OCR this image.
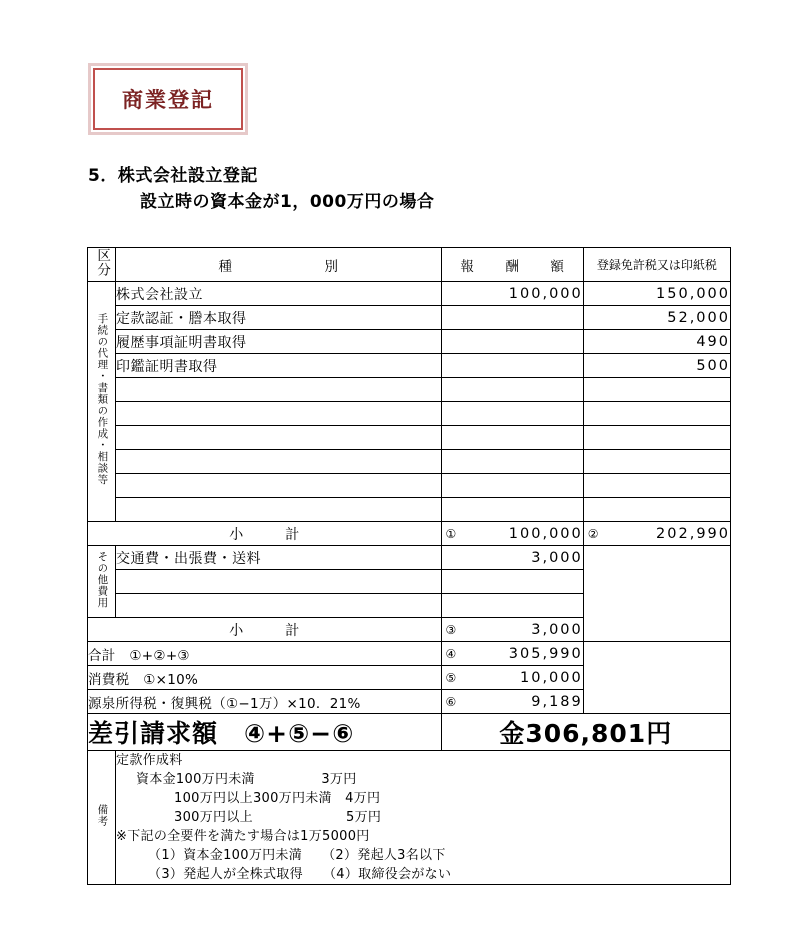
商業登記
5．株式会社設立登記
設立時の資本金が1，000万円の場合
区分	種　　　別	報　酬　額	登録免許税又は印紙税
手続の代理・書類の作成・相談等	株式会社設立	100,000	150,000
	定款認証・謄本取得		52,000
	履歴事項証明書取得		490
	印鑑証明書取得		500

小　計		① 100,000	② 202,990
その他費用	交通費・出張費・送料	3,000	

小　計		③ 3,000	
合計　①+②+③		④ 305,990	
消費税　①×10%		⑤ 10,000	
源泉所得税・復興税（①−1万）×10．21%		⑥ 9,189	
差引請求額　④+⑤−⑥		金306,801円	
備考	
定款作成料
資本金100万円未満　　　　　3万円
100万円以上300万円未満　4万円
300万円以上　　　　　　　5万円
※下記の全要件を満たす場合は1万5000円
（1）資本金100万円未満　　（2）発起人3名以下
（3）発起人が全株式取得　　（4）取締役会がない
